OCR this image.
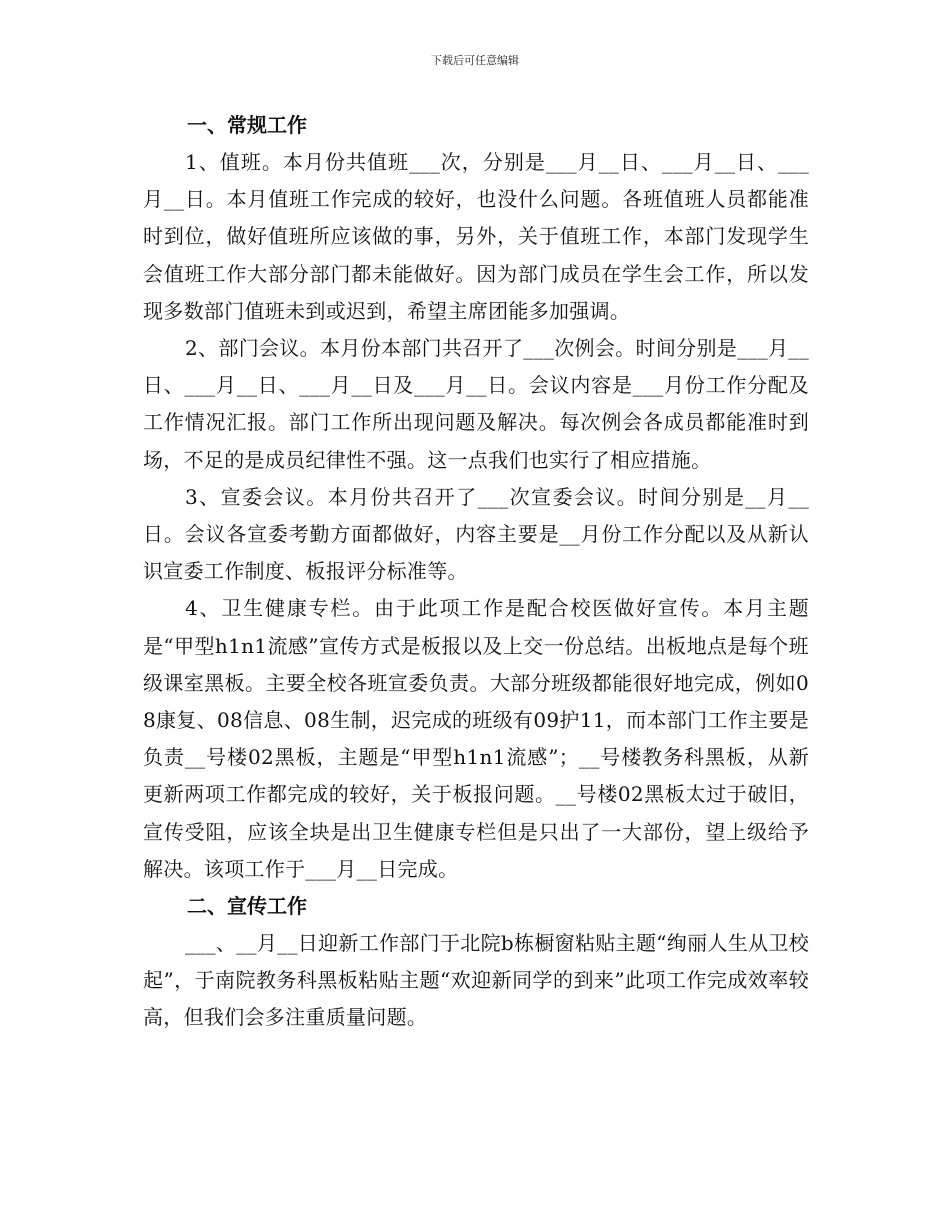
下载后可任意编辑
一、常规工作

1、值班。本月份共值班___次，分别是___月__日、___月__日、___月__日。本月值班工作完成的较好，也没什么问题。各班值班人员都能准时到位，做好值班所应该做的事，另外，关于值班工作，本部门发现学生会值班工作大部分部门都未能做好。因为部门成员在学生会工作，所以发现多数部门值班未到或迟到，希望主席团能多加强调。

2、部门会议。本月份本部门共召开了___次例会。时间分别是___月__日、___月__日、___月__日及___月__日。会议内容是___月份工作分配及工作情况汇报。部门工作所出现问题及解决。每次例会各成员都能准时到场，不足的是成员纪律性不强。这一点我们也实行了相应措施。

3、宣委会议。本月份共召开了___次宣委会议。时间分别是__月__日。会议各宣委考勤方面都做好，内容主要是__月份工作分配以及从新认识宣委工作制度、板报评分标准等。

4、卫生健康专栏。由于此项工作是配合校医做好宣传。本月主题是“甲型h1n1流感”宣传方式是板报以及上交一份总结。出板地点是每个班级课室黑板。主要全校各班宣委负责。大部分班级都能很好地完成，例如08康复、08信息、08生制，迟完成的班级有09护11，而本部门工作主要是负责__号楼02黑板，主题是“甲型h1n1流感”；__号楼教务科黑板，从新更新两项工作都完成的较好，关于板报问题。__号楼02黑板太过于破旧，宣传受阻，应该全块是出卫生健康专栏但是只出了一大部份，望上级给予解决。该项工作于___月__日完成。

二、宣传工作

___、__月__日迎新工作部门于北院b栋橱窗粘贴主题“绚丽人生从卫校起”，于南院教务科黑板粘贴主题“欢迎新同学的到来”此项工作完成效率较高，但我们会多注重质量问题。
